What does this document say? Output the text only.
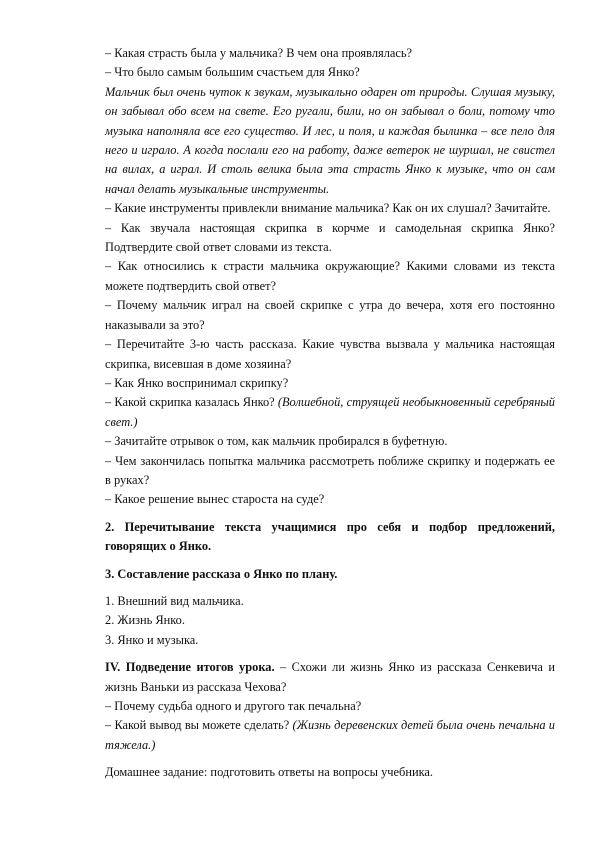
– Какая страсть была у мальчика? В чем она проявлялась?

– Что было самым большим счастьем для Янко?

Мальчик был очень чуток к звукам, музыкально одарен от природы. Слушая музыку, он забывал обо всем на свете. Его ругали, били, но он забывал о боли, потому что музыка наполняла все его существо. И лес, и поля, и каждая былинка – все пело для него и играло. А когда послали его на работу, даже ветерок не шуршал, не свистел на вилах, а играл. И столь велика была эта страсть Янко к музыке, что он сам начал делать музыкальные инструменты.

– Какие инструменты привлекли внимание мальчика? Как он их слушал? Зачитайте.

– Как звучала настоящая скрипка в корчме и самодельная скрипка Янко? Подтвердите свой ответ словами из текста.

– Как относились к страсти мальчика окружающие? Какими словами из текста можете подтвердить свой ответ?

– Почему мальчик играл на своей скрипке с утра до вечера, хотя его постоянно наказывали за это?

– Перечитайте 3-ю часть рассказа. Какие чувства вызвала у мальчика настоящая скрипка, висевшая в доме хозяина?

– Как Янко воспринимал скрипку?

– Какой скрипка казалась Янко? (Волшебной, струящей необыкновенный серебряный свет.)

– Зачитайте отрывок о том, как мальчик пробирался в буфетную.

– Чем закончилась попытка мальчика рассмотреть поближе скрипку и подержать ее в руках?

– Какое решение вынес староста на суде?

2. Перечитывание текста учащимися про себя и подбор предложений, говорящих о Янко.

3. Составление рассказа о Янко по плану.

1. Внешний вид мальчика.

2. Жизнь Янко.

3. Янко и музыка.

IV. Подведение итогов урока. – Схожи ли жизнь Янко из рассказа Сенкевича и жизнь Ваньки из рассказа Чехова?

– Почему судьба одного и другого так печальна?

– Какой вывод вы можете сделать? (Жизнь деревенских детей была очень печальна и тяжела.)

Домашнее задание: подготовить ответы на вопросы учебника.
